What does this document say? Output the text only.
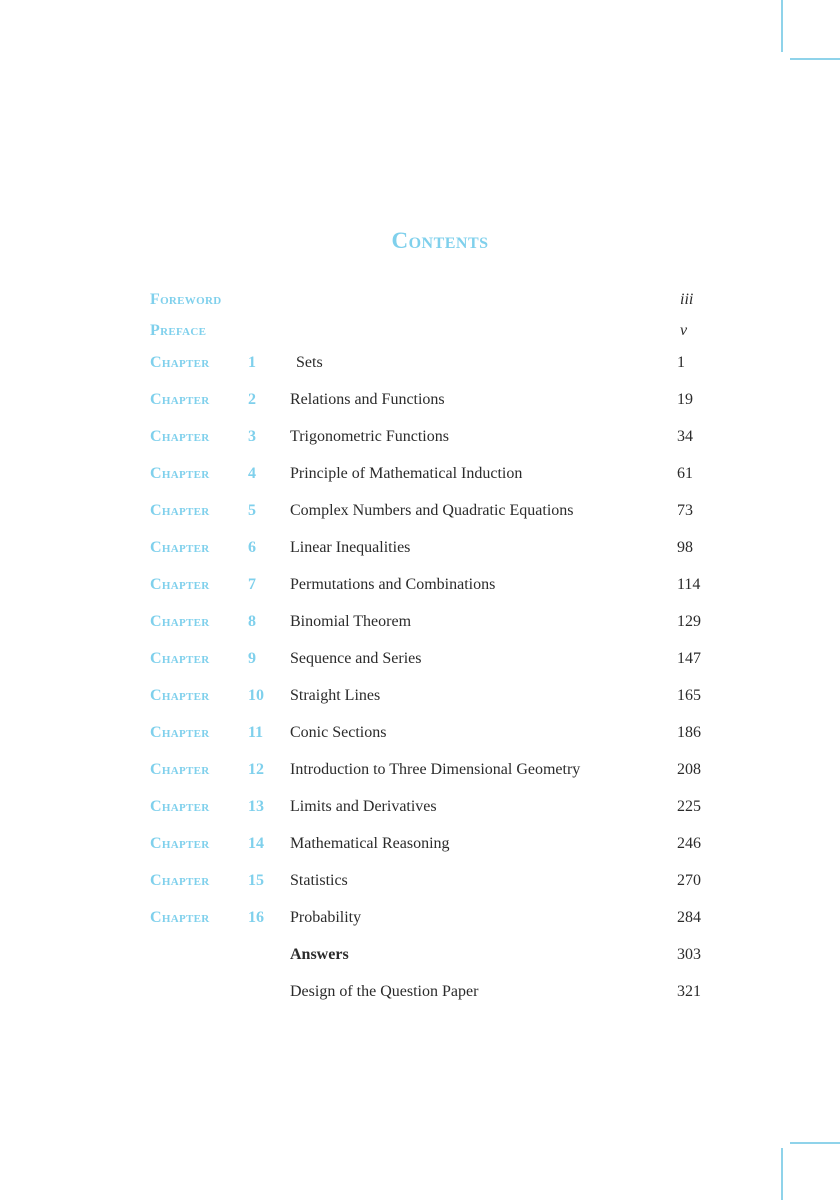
Contents
Foreword	iii
Preface	v
Chapter 1	Sets	1
Chapter 2 Relations and Functions	19
Chapter 3 Trigonometric Functions	34
Chapter 4 Principle of Mathematical Induction	61
Chapter 5 Complex Numbers and Quadratic Equations	73
Chapter 6 Linear Inequalities	98
Chapter 7 Permutations and Combinations	114
Chapter 8 Binomial Theorem	129
Chapter 9 Sequence and Series	147
Chapter 10 Straight Lines	165
Chapter 11 Conic Sections	186
Chapter 12 Introduction to Three Dimensional Geometry	208
Chapter 13 Limits and Derivatives	225
Chapter 14 Mathematical Reasoning	246
Chapter 15 Statistics	270
Chapter 16 Probability	284
Answers	303
Design of the Question Paper	321
